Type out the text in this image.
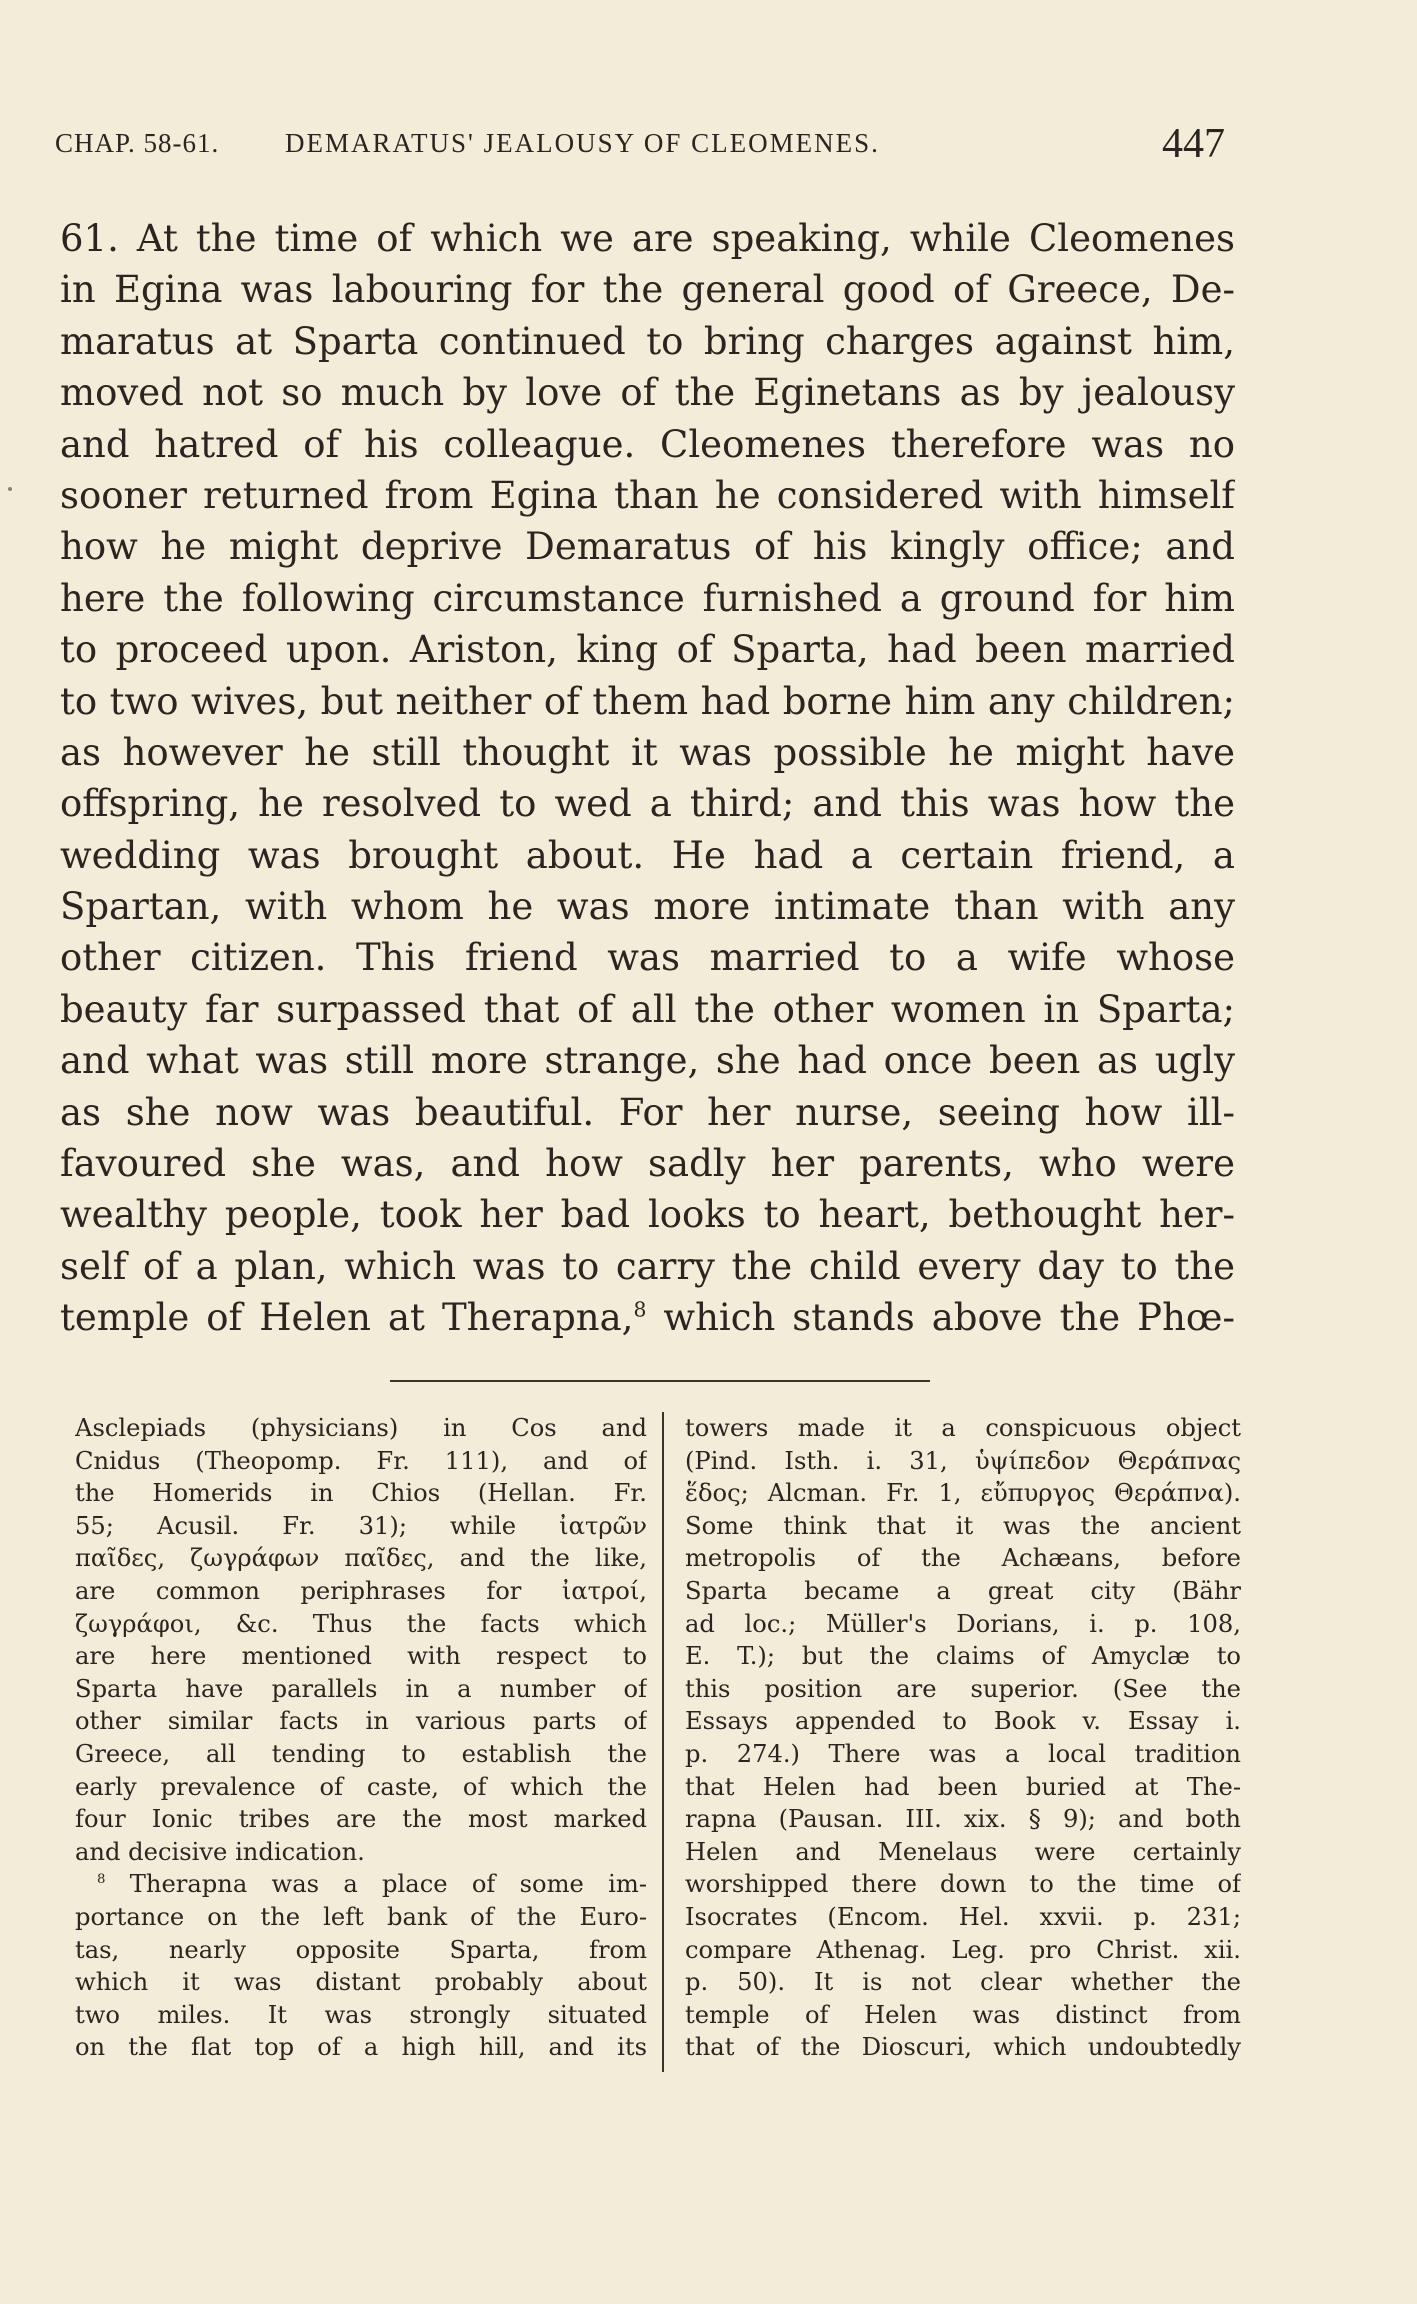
CHAP. 58-61. DEMARATUS' JEALOUSY OF CLEOMENES.	447
61. At the time of which we are speaking, while Cleomenes
in Egina was labouring for the general good of Greece, De-
maratus at Sparta continued to bring charges against him,
moved not so much by love of the Eginetans as by jealousy
and hatred of his colleague. Cleomenes therefore was no
sooner returned from Egina than he considered with himself
how he might deprive Demaratus of his kingly office; and
here the following circumstance furnished a ground for him
to proceed upon. Ariston, king of Sparta, had been married
to two wives, but neither of them had borne him any children;
as however he still thought it was possible he might have
offspring, he resolved to wed a third; and this was how the
wedding was brought about. He had a certain friend, a
Spartan, with whom he was more intimate than with any
other citizen. This friend was married to a wife whose
beauty far surpassed that of all the other women in Sparta;
and what was still more strange, she had once been as ugly
as she now was beautiful. For her nurse, seeing how ill-
favoured she was, and how sadly her parents, who were
wealthy people, took her bad looks to heart, bethought her-
self of a plan, which was to carry the child every day to the
temple of Helen at Therapna,$^8$ which stands above the Phœ-
Asclepiads (physicians) in Cos and
Cnidus (Theopomp. Fr. 111), and of
the Homerids in Chios (Hellan. Fr.
55; Acusil. Fr. 31); while ἰατρῶν
παῖδες, ζωγράφων παῖδες, and the like,
are common periphrases for ἰατροί,
ζωγράφοι, &c. Thus the facts which
are here mentioned with respect to
Sparta have parallels in a number of
other similar facts in various parts of
Greece, all tending to establish the
early prevalence of caste, of which the
four Ionic tribes are the most marked
and decisive indication.
$^8$ Therapna was a place of some im-
portance on the left bank of the Euro-
tas, nearly opposite Sparta, from
which it was distant probably about
two miles. It was strongly situated
on the flat top of a high hill, and its
towers made it a conspicuous object
(Pind. Isth. i. 31, ὑψίπεδον Θεράπνας
ἕδος; Alcman. Fr. 1, εὔπυργος Θεράπνα).
Some think that it was the ancient
metropolis of the Achæans, before
Sparta became a great city (Bähr
ad loc.; Müller's Dorians, i. p. 108,
E. T.); but the claims of Amyclæ to
this position are superior. (See the
Essays appended to Book v. Essay i.
p. 274.) There was a local tradition
that Helen had been buried at The-
rapna (Pausan. III. xix. § 9); and both
Helen and Menelaus were certainly
worshipped there down to the time of
Isocrates (Encom. Hel. xxvii. p. 231;
compare Athenag. Leg. pro Christ. xii.
p. 50). It is not clear whether the
temple of Helen was distinct from
that of the Dioscuri, which undoubtedly
